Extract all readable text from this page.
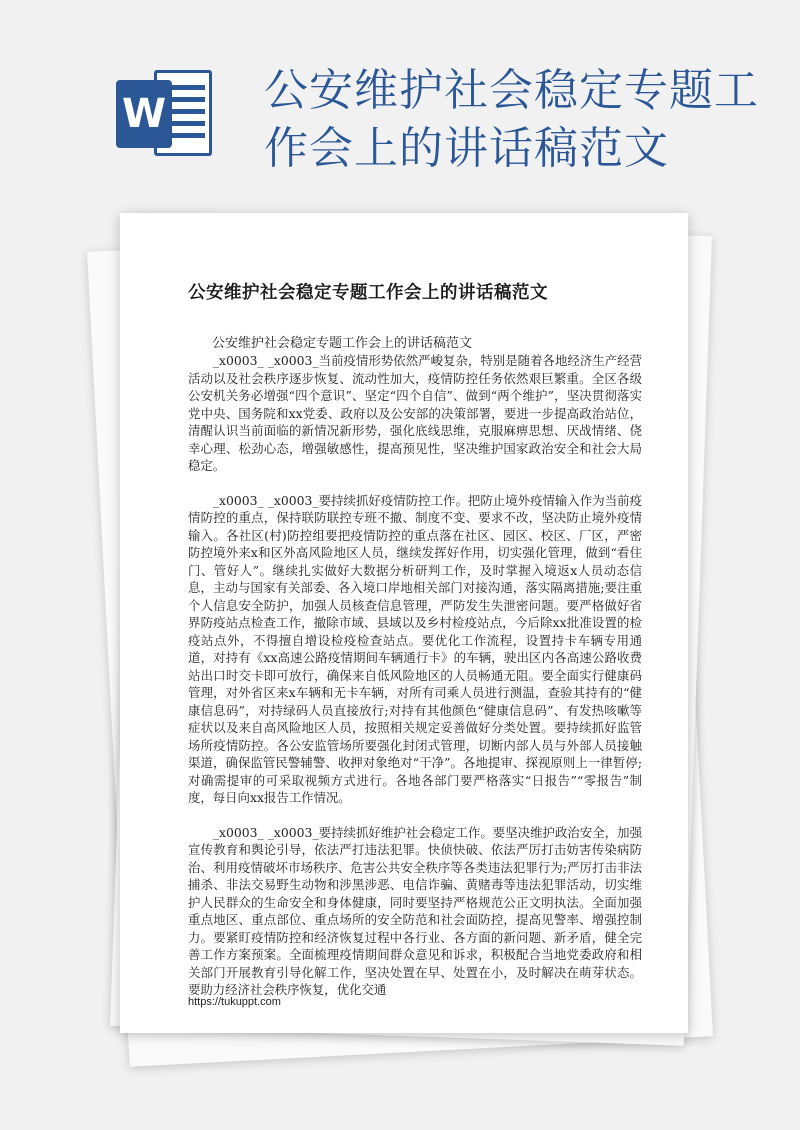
W 公安维护社会稳定专题工作会上的讲话稿范文
公安维护社会稳定专题工作会上的讲话稿范文

公安维护社会稳定专题工作会上的讲话稿范文

_x0003_ _x0003_当前疫情形势依然严峻复杂，特别是随着各地经济生产经营活动以及社会秩序逐步恢复、流动性加大，疫情防控任务依然艰巨繁重。全区各级公安机关务必增强“四个意识”、坚定“四个自信”、做到“两个维护”，坚决贯彻落实党中央、国务院和xx党委、政府以及公安部的决策部署，要进一步提高政治站位，清醒认识当前面临的新情况新形势，强化底线思维，克服麻痹思想、厌战情绪、侥幸心理、松劲心态，增强敏感性，提高预见性，坚决维护国家政治安全和社会大局稳定。

_x0003_ _x0003_要持续抓好疫情防控工作。把防止境外疫情输入作为当前疫情防控的重点，保持联防联控专班不撤、制度不变、要求不改，坚决防止境外疫情输入。各社区(村)防控组要把疫情防控的重点落在社区、园区、校区、厂区，严密防控境外来x和区外高风险地区人员，继续发挥好作用，切实强化管理，做到“看住门、管好人”。继续扎实做好大数据分析研判工作，及时掌握入境返x人员动态信息，主动与国家有关部委、各入境口岸地相关部门对接沟通，落实隔离措施;要注重个人信息安全防护，加强人员核查信息管理，严防发生失泄密问题。要严格做好省界防疫站点检查工作，撤除市域、县域以及乡村检疫站点，今后除xx批准设置的检疫站点外，不得擅自增设检疫检查站点。要优化工作流程，设置持卡车辆专用通道，对持有《xx高速公路疫情期间车辆通行卡》的车辆，驶出区内各高速公路收费站出口时交卡即可放行，确保来自低风险地区的人员畅通无阻。要全面实行健康码管理，对外省区来x车辆和无卡车辆，对所有司乘人员进行测温，查验其持有的“健康信息码”，对持绿码人员直接放行;对持有其他颜色“健康信息码”、有发热咳嗽等症状以及来自高风险地区人员，按照相关规定妥善做好分类处置。要持续抓好监管场所疫情防控。各公安监管场所要强化封闭式管理，切断内部人员与外部人员接触渠道，确保监管民警辅警、收押对象绝对“干净”。各地提审、探视原则上一律暂停;对确需提审的可采取视频方式进行。各地各部门要严格落实“日报告”“零报告”制度，每日向xx报告工作情况。

_x0003_ _x0003_要持续抓好维护社会稳定工作。要坚决维护政治安全，加强宣传教育和舆论引导，依法严打违法犯罪。快侦快破、依法严厉打击妨害传染病防治、利用疫情破坏市场秩序、危害公共安全秩序等各类违法犯罪行为;严厉打击非法捕杀、非法交易野生动物和涉黑涉恶、电信诈骗、黄赌毒等违法犯罪活动，切实维护人民群众的生命安全和身体健康，同时要坚持严格规范公正文明执法。全面加强重点地区、重点部位、重点场所的安全防范和社会面防控，提高见警率、增强控制力。要紧盯疫情防控和经济恢复过程中各行业、各方面的新问题、新矛盾，健全完善工作方案预案。全面梳理疫情期间群众意见和诉求，积极配合当地党委政府和相关部门开展教育引导化解工作，坚决处置在早、处置在小，及时解决在萌芽状态。要助力经济社会秩序恢复，优化交通

https://tukuppt.com
